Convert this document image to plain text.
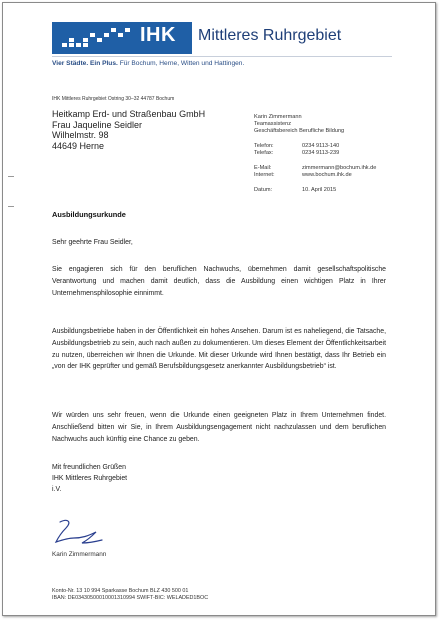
IHK Mittleres Ruhrgebiet
Vier Städte. Ein Plus. Für Bochum, Herne, Witten und Hattingen.
IHK Mittleres Ruhrgebiet Ostring 30–32 44787 Bochum
Heitkamp Erd- und Straßenbau GmbH
Frau Jaqueline Seidler
Wilhelmstr. 98
44649 Herne
Karin Zimmermann
Teamassistenz
Geschäftsbereich Berufliche Bildung
Telefon:	0234 9113-140
Telefax:	0234 9113-239
E-Mail:	zimmermann@bochum.ihk.de
Internet:	www.bochum.ihk.de
Datum:	10. April 2015
Ausbildungsurkunde
Sehr geehrte Frau Seidler,
Sie engagieren sich für den beruflichen Nachwuchs, übernehmen damit gesellschaftspolitische Verantwortung und machen damit deutlich, dass die Ausbildung einen wichtigen Platz in Ihrer Unternehmensphilosophie einnimmt.
Ausbildungsbetriebe haben in der Öffentlichkeit ein hohes Ansehen. Darum ist es naheliegend, die Tatsache, Ausbildungsbetrieb zu sein, auch nach außen zu dokumentieren. Um dieses Element der Öffentlichkeitsarbeit zu nutzen, überreichen wir Ihnen die Urkunde. Mit dieser Urkunde wird Ihnen bestätigt, dass Ihr Betrieb ein „von der IHK geprüfter und gemäß Berufsbildungsgesetz anerkannter Ausbildungsbetrieb“ ist.
Wir würden uns sehr freuen, wenn die Urkunde einen geeigneten Platz in Ihrem Unternehmen findet. Anschließend bitten wir Sie, in Ihrem Ausbildungsengagement nicht nachzulassen und dem beruflichen Nachwuchs auch künftig eine Chance zu geben.
Mit freundlichen Grüßen
IHK Mittleres Ruhrgebiet
i.V.
Karin Zimmermann
Konto-Nr. 13 10 994 Sparkasse Bochum BLZ 430 500 01
IBAN: DE03430500010001310994 SWIFT-BIC: WELADED1BOC
